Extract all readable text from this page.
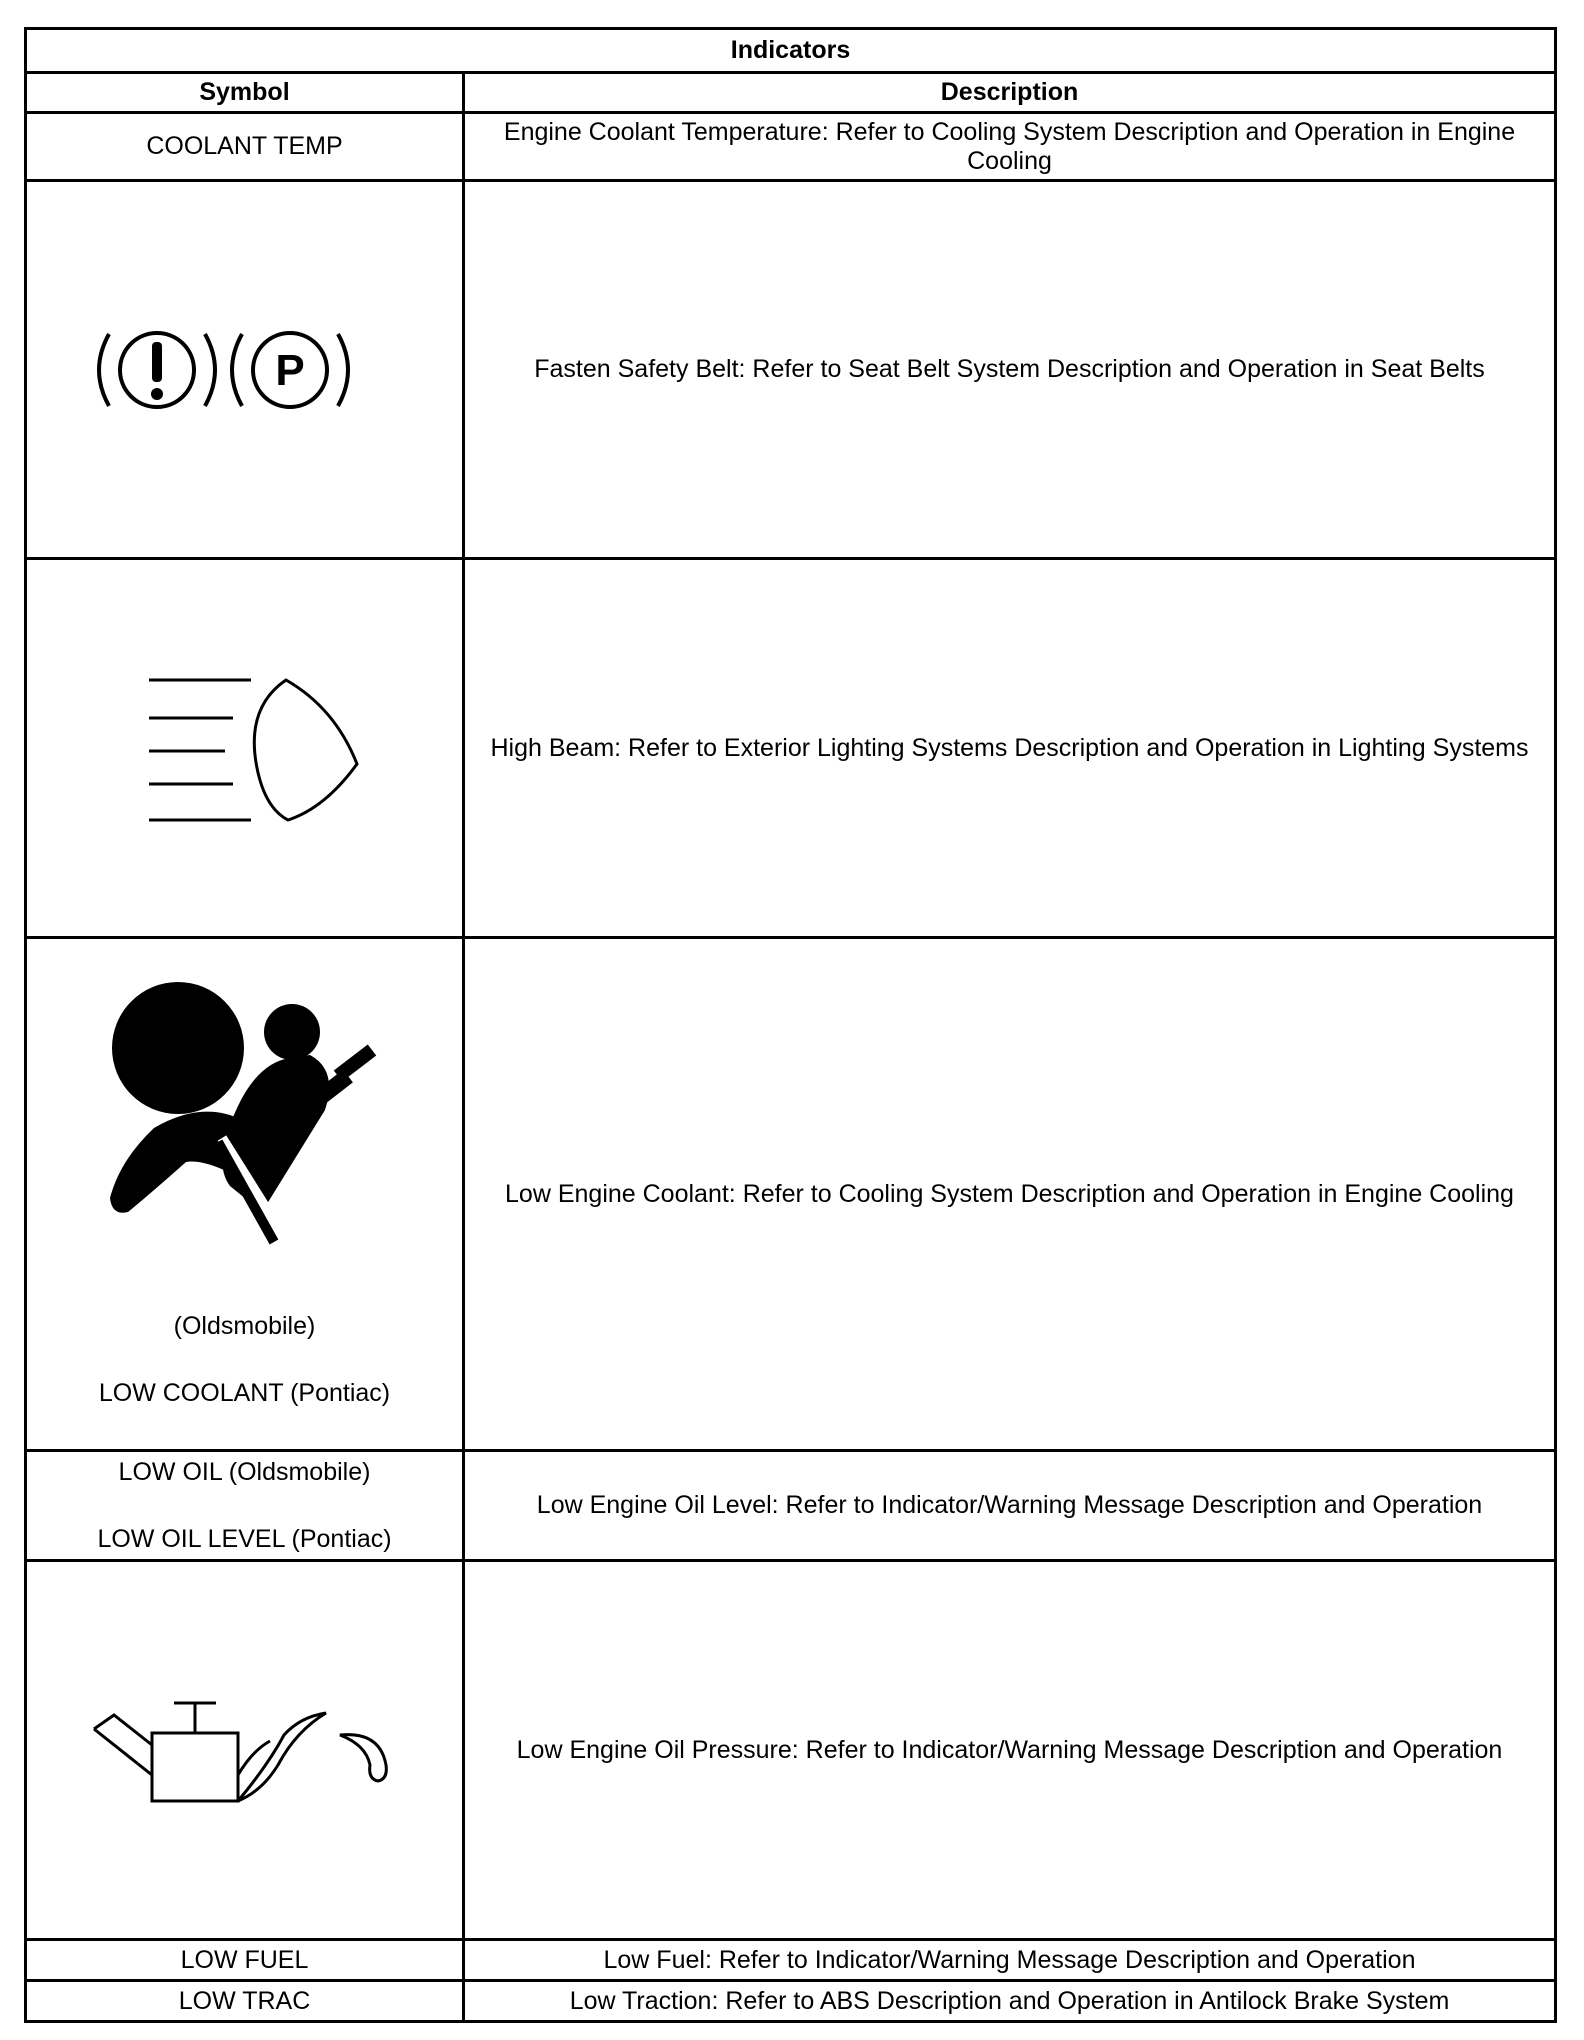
Indicators	
Symbol	Description
COOLANT TEMP	Engine Coolant Temperature: Refer to Cooling System Description and Operation in Engine Cooling

P	Fasten Safety Belt: Refer to Seat Belt System Description and Operation in Seat Belts

	High Beam: Refer to Exterior Lighting Systems Description and Operation in Lighting Systems

(Oldsmobile)
LOW COOLANT (Pontiac)	Low Engine Coolant: Refer to Cooling System Description and Operation in Engine Cooling

LOW OIL (Oldsmobile)
LOW OIL LEVEL (Pontiac)	Low Engine Oil Level: Refer to Indicator/Warning Message Description and Operation

	Low Engine Oil Pressure: Refer to Indicator/Warning Message Description and Operation
LOW FUEL	Low Fuel: Refer to Indicator/Warning Message Description and Operation
LOW TRAC	Low Traction: Refer to ABS Description and Operation in Antilock Brake System
